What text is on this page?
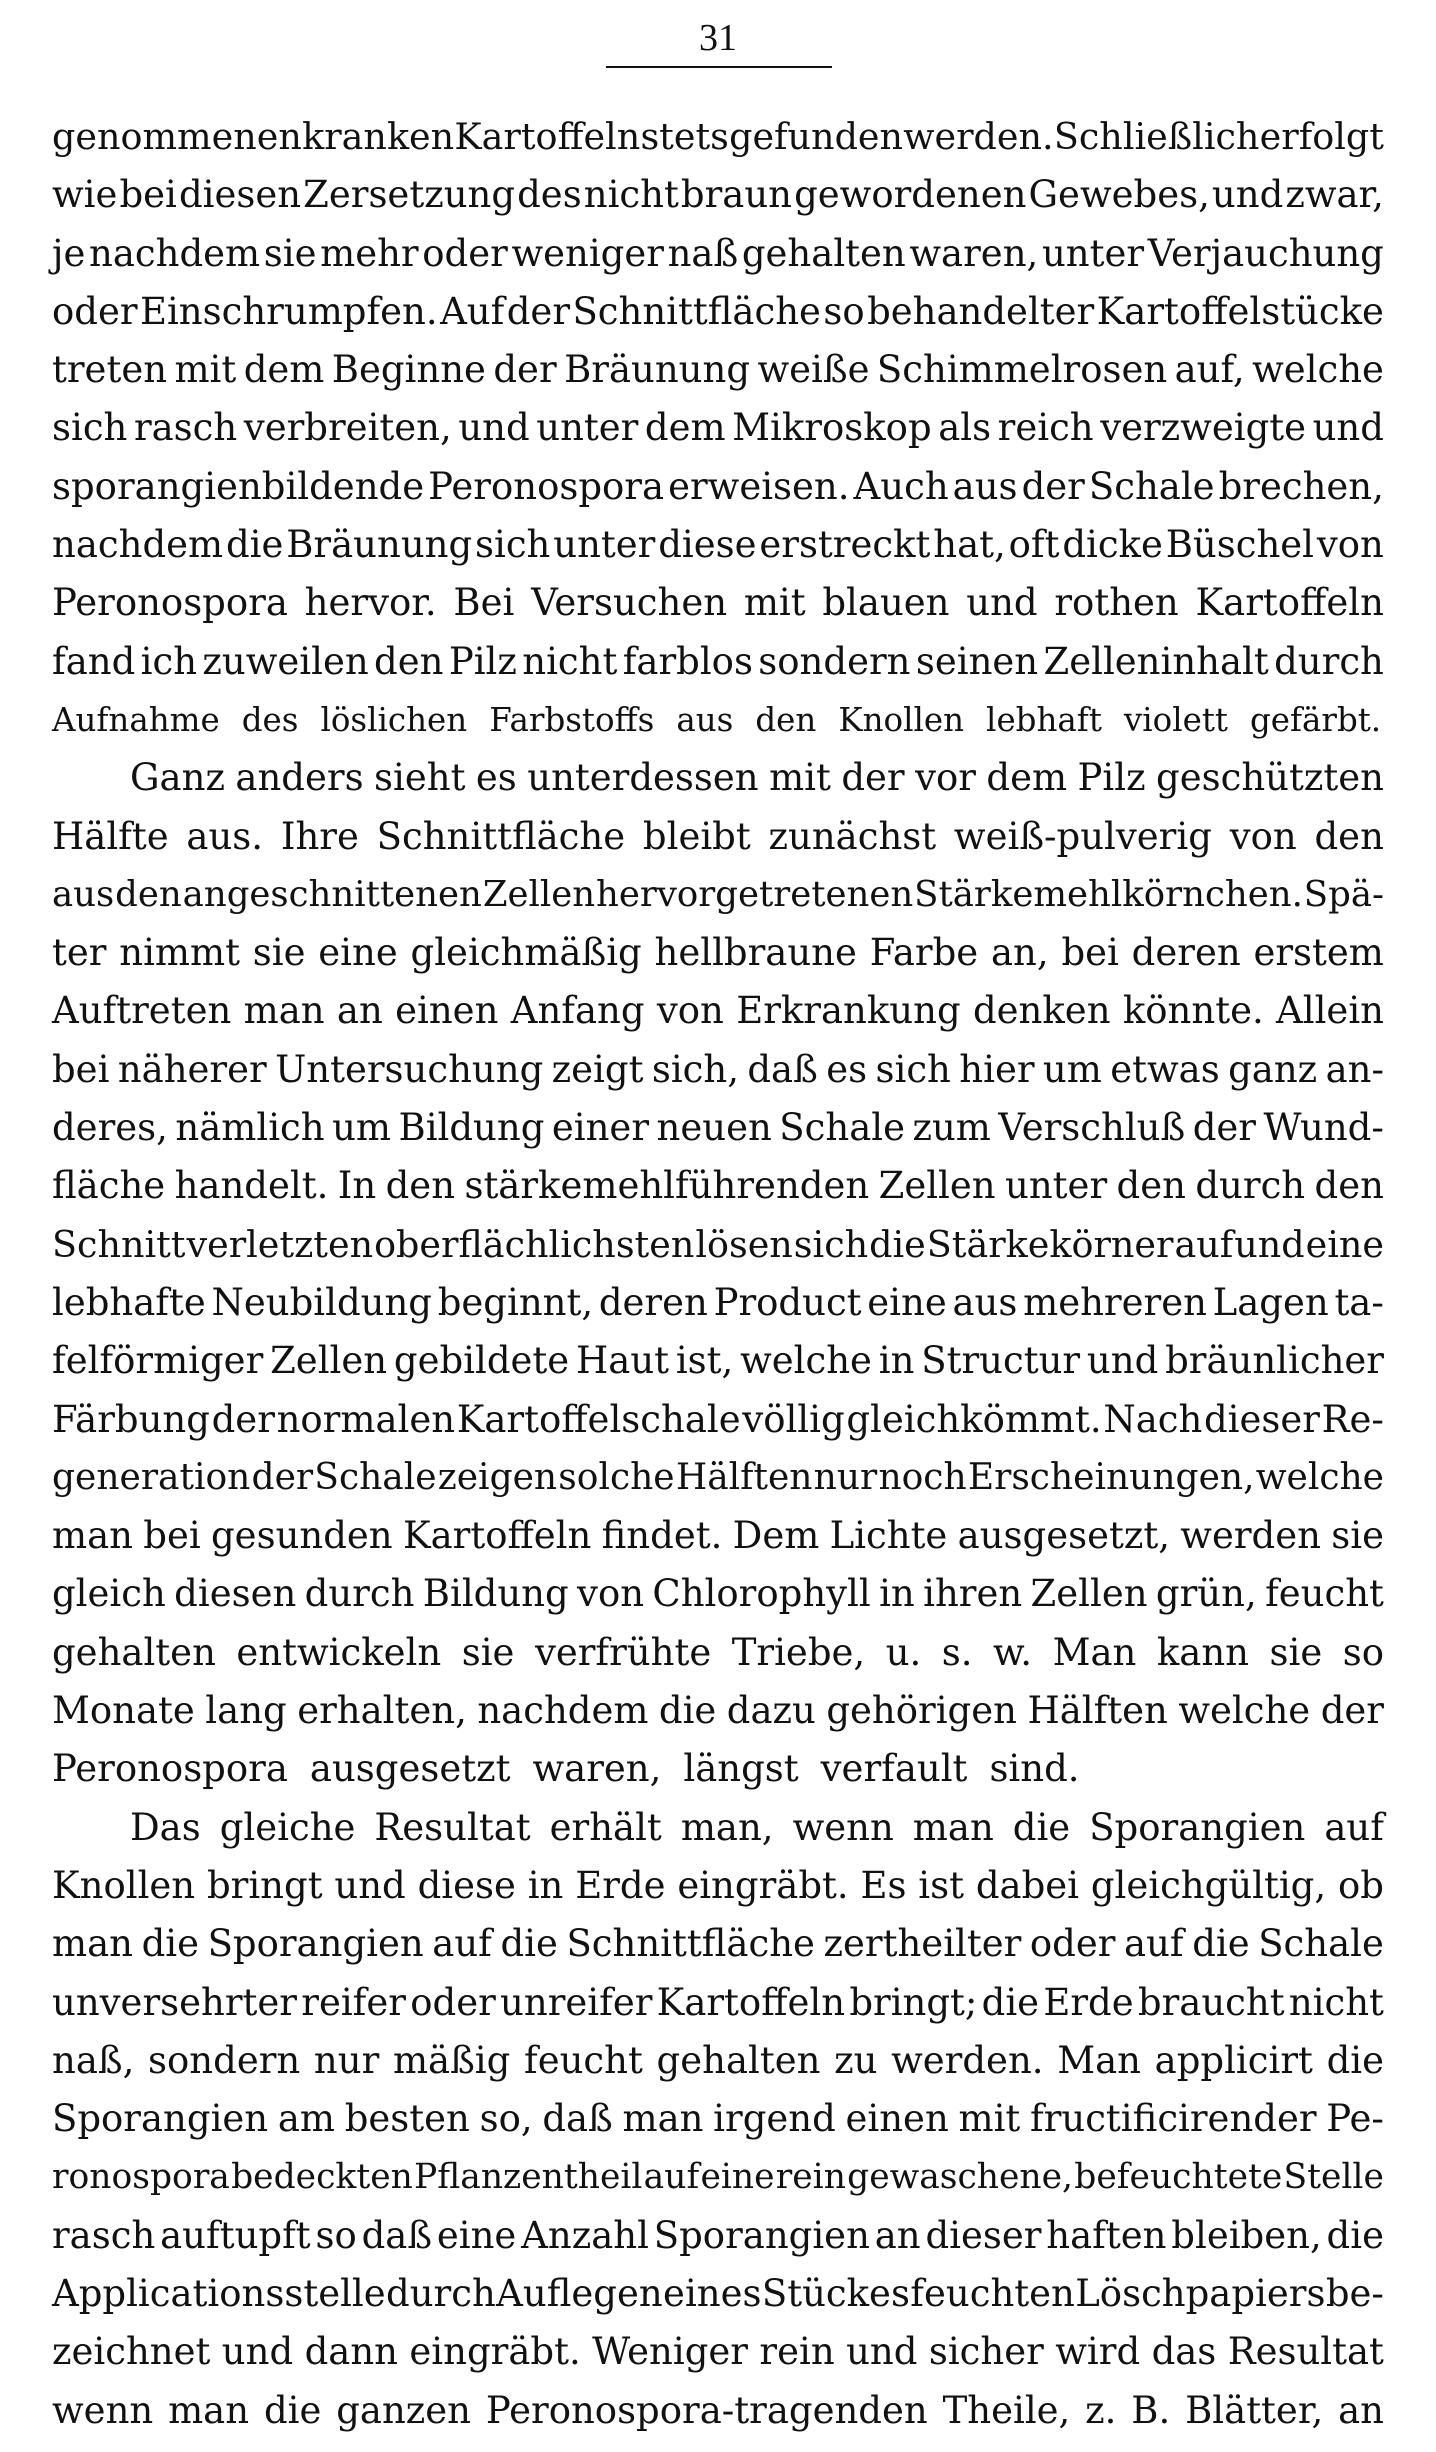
31
genommenen kranken Kartoffeln stets gefunden werden. Schließlich erfolgt
wie bei diesen Zersetzung des nicht braun gewordenen Gewebes, und zwar,
je nachdem sie mehr oder weniger naß gehalten waren, unter Verjauchung
oder Einschrumpfen. Auf der Schnittfläche so behandelter Kartoffelstücke
treten mit dem Beginne der Bräunung weiße Schimmelrosen auf, welche
sich rasch verbreiten, und unter dem Mikroskop als reich verzweigte und
sporangienbildende Peronospora erweisen. Auch aus der Schale brechen,
nachdem die Bräunung sich unter diese erstreckt hat, oft dicke Büschel von
Peronospora hervor. Bei Versuchen mit blauen und rothen Kartoffeln
fand ich zuweilen den Pilz nicht farblos sondern seinen Zelleninhalt durch
Aufnahme des löslichen Farbstoffs aus den Knollen lebhaft violett gefärbt.
Ganz anders sieht es unterdessen mit der vor dem Pilz geschützten
Hälfte aus. Ihre Schnittfläche bleibt zunächst weiß-pulverig von den
aus den angeschnittenen Zellen hervorgetretenen Stärkemehlkörnchen. Spä-
ter nimmt sie eine gleichmäßig hellbraune Farbe an, bei deren erstem
Auftreten man an einen Anfang von Erkrankung denken könnte. Allein
bei näherer Untersuchung zeigt sich, daß es sich hier um etwas ganz an-
deres, nämlich um Bildung einer neuen Schale zum Verschluß der Wund-
fläche handelt. In den stärkemehlführenden Zellen unter den durch den
Schnitt verletzten oberflächlichsten lösen sich die Stärkekörner auf und eine
lebhafte Neubildung beginnt, deren Product eine aus mehreren Lagen ta-
felförmiger Zellen gebildete Haut ist, welche in Structur und bräunlicher
Färbung der normalen Kartoffelschale völlig gleichkömmt. Nach dieser Re-
generation der Schale zeigen solche Hälften nur noch Erscheinungen, welche
man bei gesunden Kartoffeln findet. Dem Lichte ausgesetzt, werden sie
gleich diesen durch Bildung von Chlorophyll in ihren Zellen grün, feucht
gehalten entwickeln sie verfrühte Triebe, u. s. w. Man kann sie so
Monate lang erhalten, nachdem die dazu gehörigen Hälften welche der
Peronospora ausgesetzt waren, längst verfault sind.
Das gleiche Resultat erhält man, wenn man die Sporangien auf
Knollen bringt und diese in Erde eingräbt. Es ist dabei gleichgültig, ob
man die Sporangien auf die Schnittfläche zertheilter oder auf die Schale
unversehrter reifer oder unreifer Kartoffeln bringt; die Erde braucht nicht
naß, sondern nur mäßig feucht gehalten zu werden. Man applicirt die
Sporangien am besten so, daß man irgend einen mit fructificirender Pe-
ronospora bedeckten Pflanzentheil auf eine rein gewaschene, befeuchtete Stelle
rasch auftupft so daß eine Anzahl Sporangien an dieser haften bleiben, die
Applicationsstelle durch Auflegen eines Stückes feuchten Löschpapiers be-
zeichnet und dann eingräbt. Weniger rein und sicher wird das Resultat
wenn man die ganzen Peronospora-tragenden Theile, z. B. Blätter, an
